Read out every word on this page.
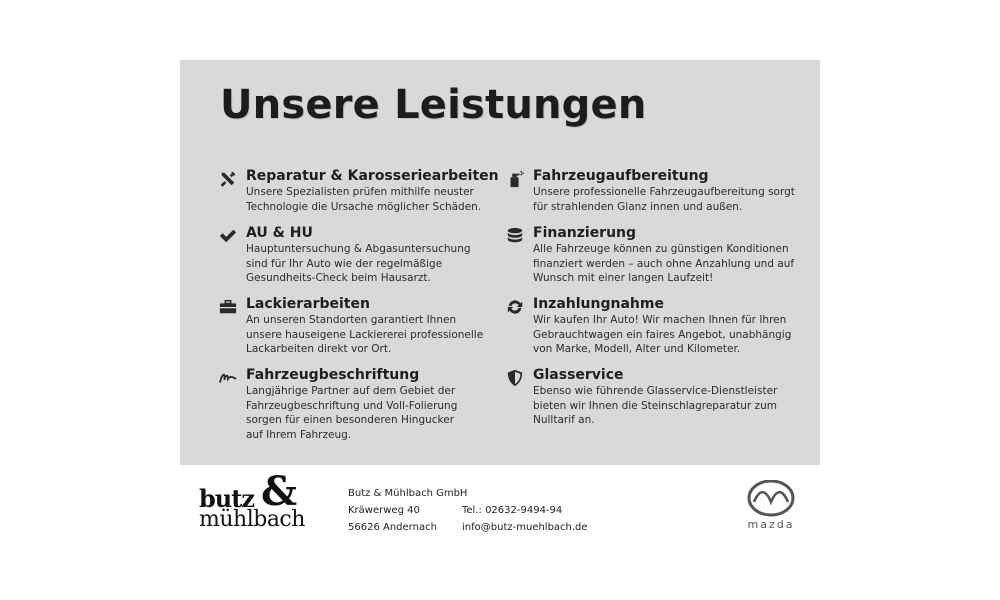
Unsere Leistungen
Reparatur & Karosseriearbeiten

Unsere Spezialisten prüfen mithilfe neuster
Technologie die Ursache möglicher Schäden.

AU & HU

Hauptuntersuchung & Abgasuntersuchung
sind für Ihr Auto wie der regelmäßige
Gesundheits-Check beim Hausarzt.

Lackierarbeiten

An unseren Standorten garantiert Ihnen
unsere hauseigene Lackiererei professionelle
Lackarbeiten direkt vor Ort.

Fahrzeugbeschriftung

Langjährige Partner auf dem Gebiet der
Fahrzeugbeschriftung und Voll-Folierung
sorgen für einen besonderen Hingucker
auf Ihrem Fahrzeug.

Fahrzeugaufbereitung

Unsere professionelle Fahrzeugaufbereitung sorgt
für strahlenden Glanz innen und außen.

Finanzierung

Alle Fahrzeuge können zu günstigen Konditionen
finanziert werden – auch ohne Anzahlung und auf
Wunsch mit einer langen Laufzeit!

Inzahlungnahme

Wir kaufen Ihr Auto! Wir machen Ihnen für Ihren
Gebrauchtwagen ein faires Angebot, unabhängig
von Marke, Modell, Alter und Kilometer.

Glasservice

Ebenso wie führende Glasservice-Dienstleister
bieten wir Ihnen die Steinschlagreparatur zum
Nulltarif an.

butz &
mühlbach
Butz & Mühlbach GmbH
Kräwerweg 40
56626 Andernach
Tel.: 02632-9494-94
info@butz-muehlbach.de	mazda
